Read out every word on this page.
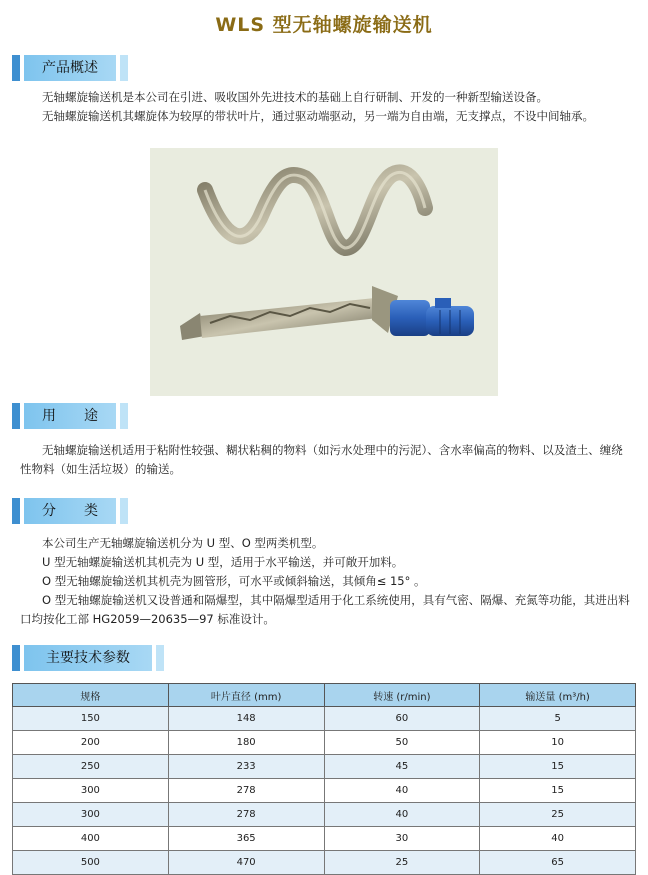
WLS 型无轴螺旋输送机
产品概述

无轴螺旋输送机是本公司在引进、吸收国外先进技术的基础上自行研制、开发的一种新型输送设备。

无轴螺旋输送机其螺旋体为较厚的带状叶片，通过驱动端驱动，另一端为自由端，无支撑点，不设中间轴承。

用　　途

无轴螺旋输送机适用于粘附性较强、糊状粘稠的物料（如污水处理中的污泥）、含水率偏高的物料、以及渣土、缠绕性物料（如生活垃圾）的输送。

分　　类

本公司生产无轴螺旋输送机分为 U 型、O 型两类机型。

U 型无轴螺旋输送机其机壳为 U 型，适用于水平输送，并可敞开加料。

O 型无轴螺旋输送机其机壳为圆管形，可水平或倾斜输送，其倾角≤ 15° 。

O 型无轴螺旋输送机又设普通和隔爆型，其中隔爆型适用于化工系统使用，具有气密、隔爆、充氮等功能，其进出料口均按化工部 HG2059—20635—97 标准设计。

主要技术参数
规格	叶片直径 (mm)	转速 (r/min)	输送量 (m³/h)
150	148	60	5
200	180	50	10
250	233	45	15
300	278	40	15
300	278	40	25
400	365	30	40
500	470	25	65
